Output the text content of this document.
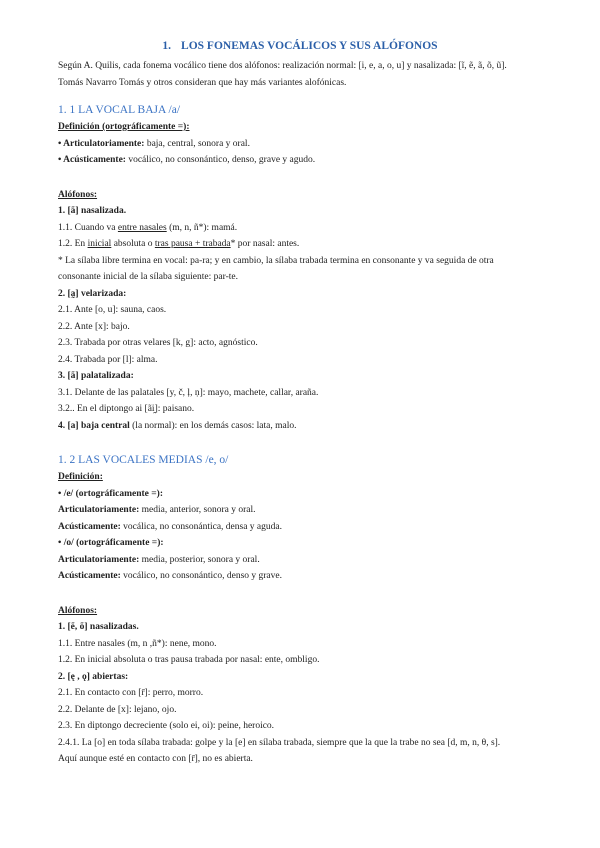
1. LOS FONEMAS VOCÁLICOS Y SUS ALÓFONOS

Según A. Quilis, cada fonema vocálico tiene dos alófonos: realización normal: [i, e, a, o, u] y nasalizada: [ĩ, ẽ, ã, õ, ũ].

Tomás Navarro Tomás y otros consideran que hay más variantes alofónicas.

1. 1 LA VOCAL BAJA /a/

Definición (ortográficamente =):

• Articulatoriamente: baja, central, sonora y oral.

• Acústicamente: vocálico, no consonántico, denso, grave y agudo.

Alófonos:

1. [ã] nasalizada.

1.1. Cuando va entre nasales (m, n, ñ*): mamá.

1.2. En inicial absoluta o tras pausa + trabada* por nasal: antes.

* La sílaba libre termina en vocal: pa-ra; y en cambio, la sílaba trabada termina en consonante y va seguida de otra

consonante inicial de la sílaba siguiente: par-te.

2. [a̰] velarizada:

2.1. Ante [o, u]: sauna, caos.

2.2. Ante [x]: bajo.

2.3. Trabada por otras velares [k, g]: acto, agnóstico.

2.4. Trabada por [l]: alma.

3. [ã] palatalizada:

3.1. Delante de las palatales [y, č, ļ, ṇ]: mayo, machete, callar, araña.

3.2.. En el diptongo ai [ãi̯]: paisano.

4. [a] baja central (la normal): en los demás casos: lata, malo.

1. 2 LAS VOCALES MEDIAS /e, o/

Definición:

• /e/ (ortográficamente =):

Articulatoriamente: media, anterior, sonora y oral.

Acústicamente: vocálica, no consonántica, densa y aguda.

• /o/ (ortográficamente =):

Articulatoriamente: media, posterior, sonora y oral.

Acústicamente: vocálico, no consonántico, denso y grave.

Alófonos:

1. [ẽ, õ] nasalizadas.

1.1. Entre nasales (m, n ,ñ*): nene, mono.

1.2. En inicial absoluta o tras pausa trabada por nasal: ente, ombligo.

2. [ę , ǫ] abiertas:

2.1. En contacto con [r̄]: perro, morro.

2.2. Delante de [x]: lejano, ojo.

2.3. En diptongo decreciente (solo ei, oi): peine, heroico.

2.4.1. La [o] en toda sílaba trabada: golpe y la [e] en sílaba trabada, siempre que la que la trabe no sea [d, m, n, θ, s].

Aquí aunque esté en contacto con [r̄], no es abierta.
